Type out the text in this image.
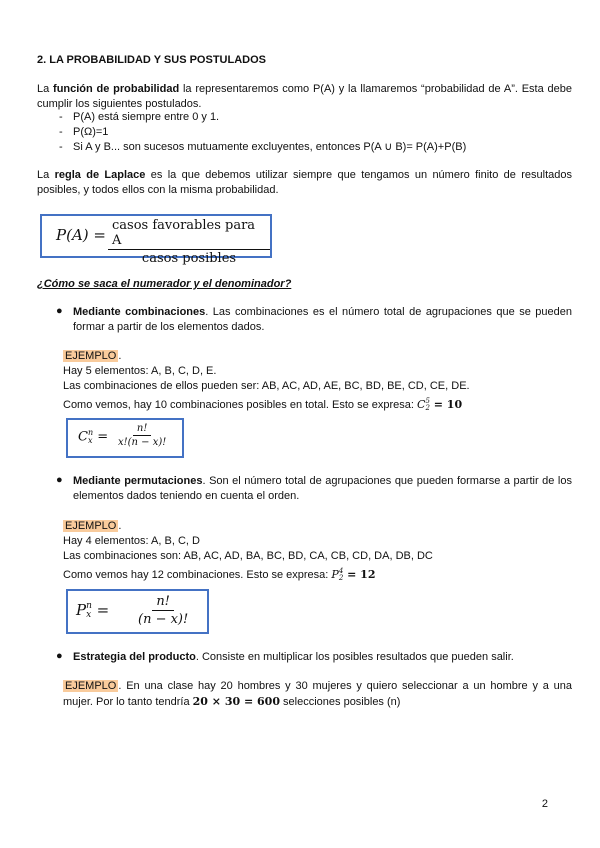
2. LA PROBABILIDAD Y SUS POSTULADOS

La función de probabilidad la representaremos como P(A) y la llamaremos “probabilidad de A”. Esta debe cumplir los siguientes postulados.

- P(A) está siempre entre 0 y 1.
- P(Ω)=1
- Si A y B... son sucesos mutuamente excluyentes, entonces P(A ∪ B)= P(A)+P(B)

La regla de Laplace es la que debemos utilizar siempre que tengamos un número finito de resultados posibles, y todos ellos con la misma probabilidad.

P(A) =
casos favorables para A
casos posibles
¿Cómo se saca el numerador y el denominador?
● Mediante combinaciones. Las combinaciones es el número total de agrupaciones que se pueden formar a partir de los elementos dados.

EJEMPLO .

Hay 5 elementos: A, B, C, D, E.

Las combinaciones de ellos pueden ser: AB, AC, AD, AE, BC, BD, BE, CD, CE, DE.

Como vemos, hay 10 combinaciones posibles en total. Esto se expresa: C 5
2 = 10

C n
$x = \frac{n!}{x!(n - x)!}$
● Mediante permutaciones. Son el número total de agrupaciones que pueden formarse a partir de los elementos dados teniendo en cuenta el orden.

EJEMPLO .

Hay 4 elementos: A, B, C, D

Las combinaciones son: AB, AC, AD, BA, BC, BD, CA, CB, CD, DA, DB, DC

Como vemos hay 12 combinaciones. Esto se expresa: P 4
2 = 12

P n
$x = \frac{n!}{(n - x)!}$
● Estrategia del producto. Consiste en multiplicar los posibles resultados que pueden salir.

EJEMPLO . En una clase hay 20 hombres y 30 mujeres y quiero seleccionar a un hombre y a una mujer. Por lo tanto tendría 20 × 30 = 600 selecciones posibles (n)

2
